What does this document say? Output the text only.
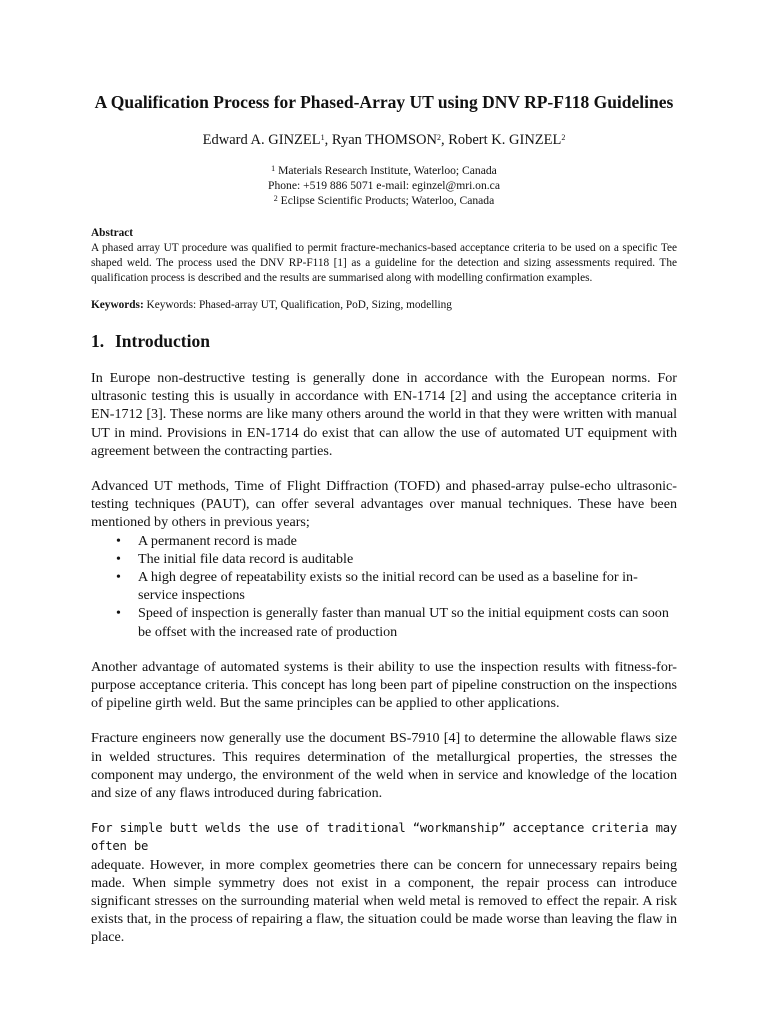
A Qualification Process for Phased-Array UT using DNV RP-F118 Guidelines
Edward A. GINZEL$^1$, Ryan THOMSON$^2$, Robert K. GINZEL$^2$
$^1$ Materials Research Institute, Waterloo; Canada
Phone: +519 886 5071 e-mail: eginzel@mri.on.ca
$^2$ Eclipse Scientific Products; Waterloo, Canada
Abstract
A phased array UT procedure was qualified to permit fracture-mechanics-based acceptance criteria to be used on a specific Tee shaped weld. The process used the DNV RP-F118 [1] as a guideline for the detection and sizing assessments required. The qualification process is described and the results are summarised along with modelling confirmation examples.
Keywords: Keywords: Phased-array UT, Qualification, PoD, Sizing, modelling
1. Introduction
In Europe non-destructive testing is generally done in accordance with the European norms. For ultrasonic testing this is usually in accordance with EN-1714 [2] and using the acceptance criteria in EN-1712 [3]. These norms are like many others around the world in that they were written with manual UT in mind. Provisions in EN-1714 do exist that can allow the use of automated UT equipment with agreement between the contracting parties.
Advanced UT methods, Time of Flight Diffraction (TOFD) and phased-array pulse-echo ultrasonic-testing techniques (PAUT), can offer several advantages over manual techniques. These have been mentioned by others in previous years;
• A permanent record is made
• The initial file data record is auditable
• A high degree of repeatability exists so the initial record can be used as a baseline for in-service inspections
• Speed of inspection is generally faster than manual UT so the initial equipment costs can soon be offset with the increased rate of production
Another advantage of automated systems is their ability to use the inspection results with fitness-for-purpose acceptance criteria. This concept has long been part of pipeline construction on the inspections of pipeline girth weld. But the same principles can be applied to other applications.
Fracture engineers now generally use the document BS-7910 [4] to determine the allowable flaws size in welded structures. This requires determination of the metallurgical properties, the stresses the component may undergo, the environment of the weld when in service and knowledge of the location and size of any flaws introduced during fabrication.
For simple butt welds the use of traditional “workmanship” acceptance criteria may often be
adequate. However, in more complex geometries there can be concern for unnecessary repairs being made. When simple symmetry does not exist in a component, the repair process can introduce significant stresses on the surrounding material when weld metal is removed to effect the repair. A risk exists that, in the process of repairing a flaw, the situation could be made worse than leaving the flaw in place.
